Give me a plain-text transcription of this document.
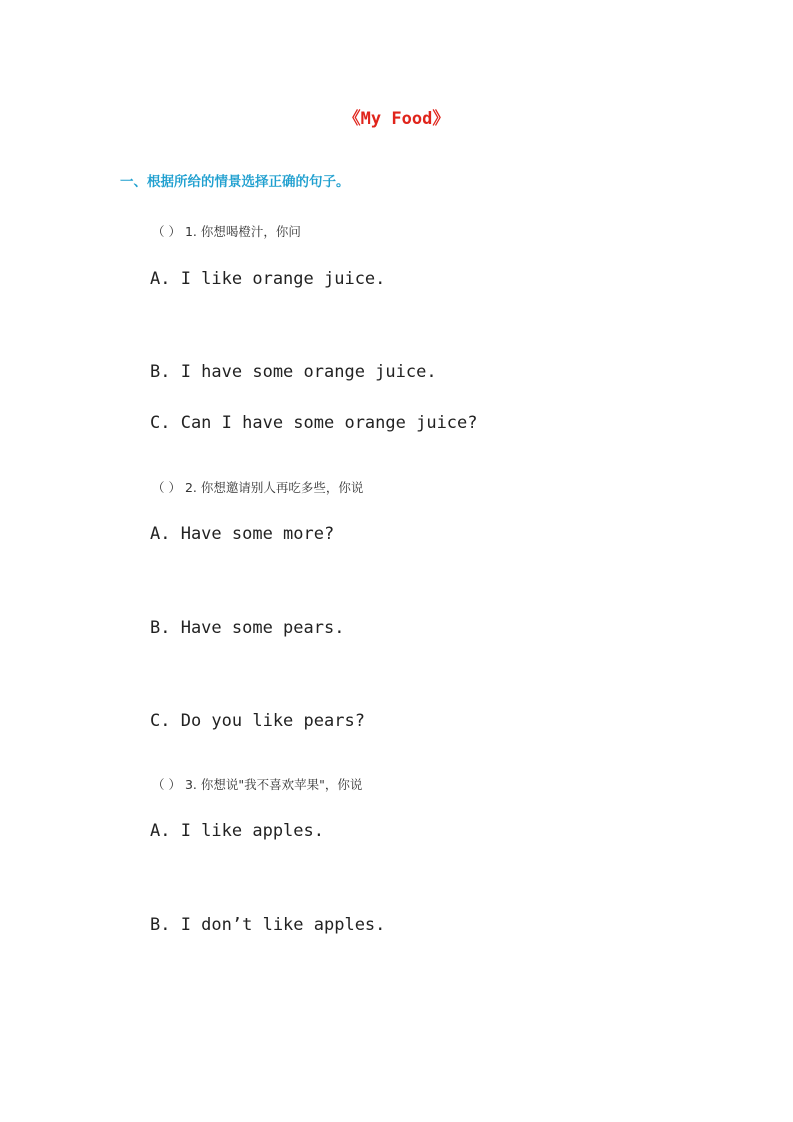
《My Food》
一、根据所给的情景选择正确的句子。
（ ） 1. 你想喝橙汁，你问
A. I like orange juice.
B. I have some orange juice.
C. Can I have some orange juice?
（ ） 2. 你想邀请别人再吃多些，你说
A. Have some more?
B. Have some pears.
C. Do you like pears?
（ ） 3. 你想说"我不喜欢苹果"，你说
A. I like apples.
B. I don’t like apples.
